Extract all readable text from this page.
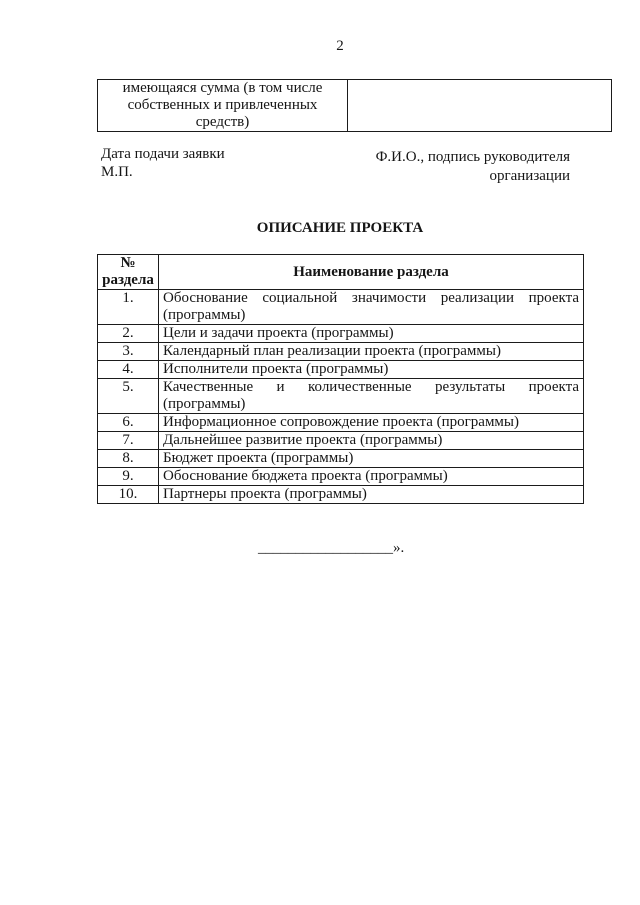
2
имеющаяся сумма (в том числе собственных и привлеченных средств)	
Дата подачи заявки
М.П.
Ф.И.О., подпись руководителя
организации
ОПИСАНИЕ ПРОЕКТА
№
раздела	Наименование раздела
1.	Обоснование социальной значимости реализации проекта (программы)
2.	Цели и задачи проекта (программы)
3.	Календарный план реализации проекта (программы)
4.	Исполнители проекта (программы)
5.	Качественные и количественные результаты проекта (программы)
6.	Информационное сопровождение проекта (программы)
7.	Дальнейшее развитие проекта (программы)
8.	Бюджет проекта (программы)
9.	Обоснование бюджета проекта (программы)
10.	Партнеры проекта (программы)
__________________».
